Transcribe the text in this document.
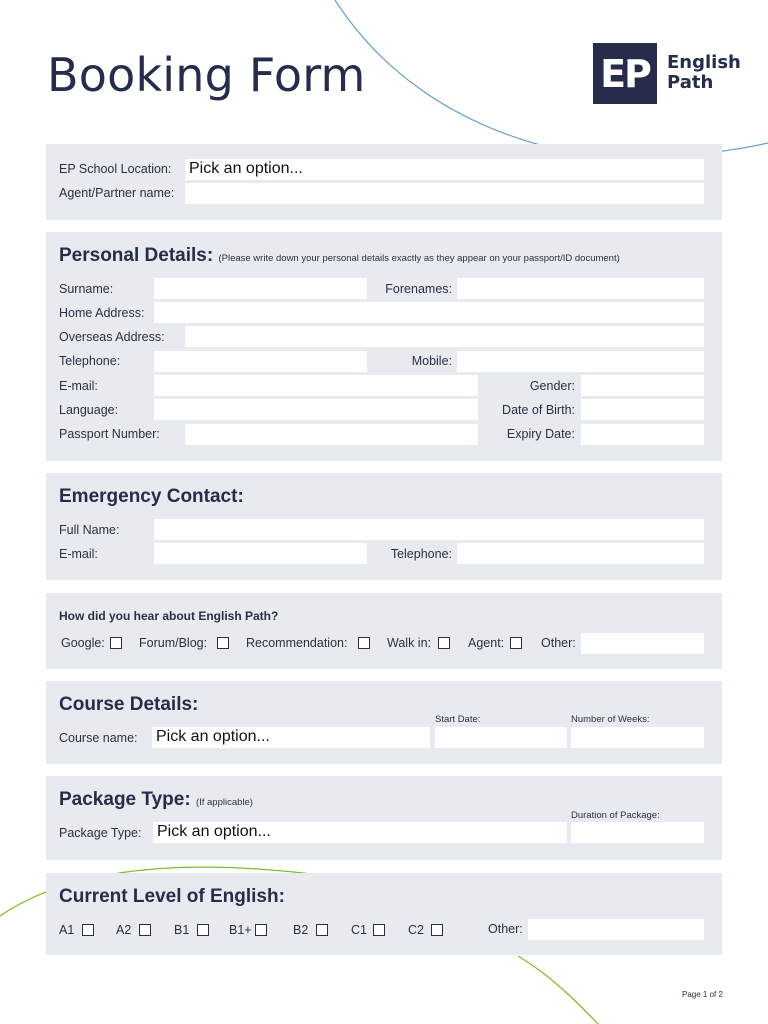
Booking Form	EP English
Path
EP School Location: Pick an option...
Agent/Partner name:
Personal Details: (Please write down your personal details exactly as they appear on your passport/ID document)
Surname:	Forenames:
Home Address:
Overseas Address:
Telephone:	Mobile:
E-mail:	Gender:
Language:	Date of Birth:
Passport Number:	Expiry Date:
Emergency Contact:
Full Name:
E-mail:	Telephone:
How did you hear about English Path?
Google:	Forum/Blog:	Recommendation:	Walk in:	Agent:	Other:
Course Details:
Start Date:	Number of Weeks:
Course name: Pick an option...
Package Type: (If applicable)
Duration of Package:
Package Type: Pick an option...
Current Level of English:
A1	A2	B1	B1+	B2	C1	C2	Other:
Page 1 of 2
